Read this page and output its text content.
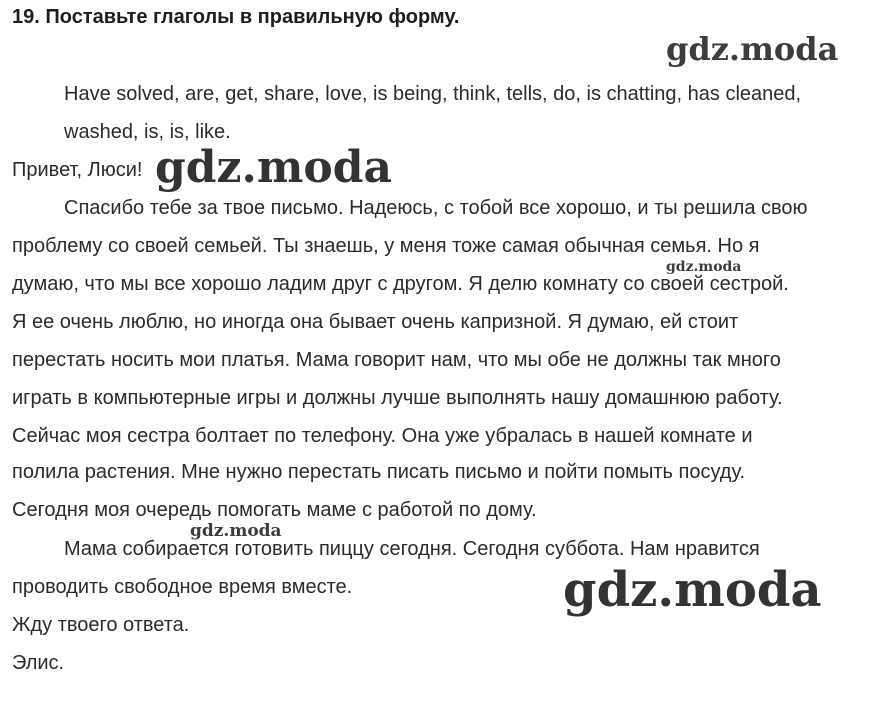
19. Поставьте глаголы в правильную форму.
Have solved, are, get, share, love, is being, think, tells, do, is chatting, has cleaned,
washed, is, is, like.
Привет, Люси!
Спасибо тебе за твое письмо. Надеюсь, с тобой все хорошо, и ты решила свою
проблему со своей семьей. Ты знаешь, у меня тоже самая обычная семья. Но я
думаю, что мы все хорошо ладим друг с другом. Я делю комнату со своей сестрой.
Я ее очень люблю, но иногда она бывает очень капризной. Я думаю, ей стоит
перестать носить мои платья. Мама говорит нам, что мы обе не должны так много
играть в компьютерные игры и должны лучше выполнять нашу домашнюю работу.
Сейчас моя сестра болтает по телефону. Она уже убралась в нашей комнате и
полила растения. Мне нужно перестать писать письмо и пойти помыть посуду.
Сегодня моя очередь помогать маме с работой по дому.
Мама собирается готовить пиццу сегодня. Сегодня суббота. Нам нравится
проводить свободное время вместе.
Жду твоего ответа.
Элис.
gdz.moda
gdz.moda
gdz.moda
gdz.moda
gdz.moda
